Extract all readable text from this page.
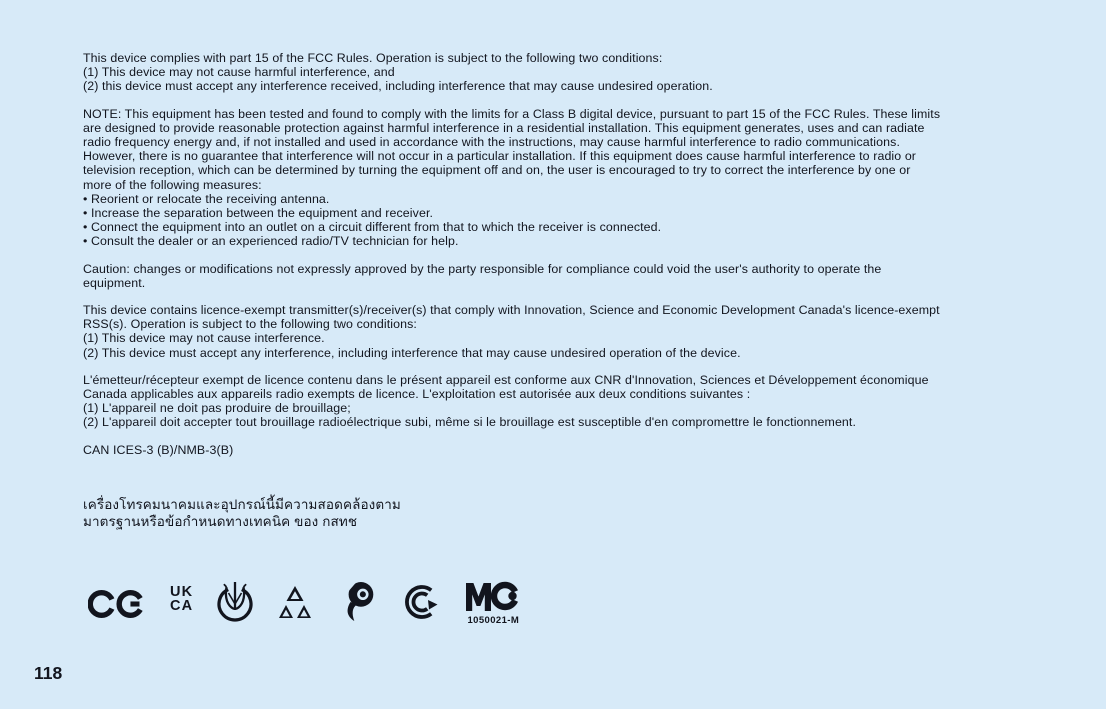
This device complies with part 15 of the FCC Rules. Operation is subject to the following two conditions:
(1) This device may not cause harmful interference, and
(2) this device must accept any interference received, including interference that may cause undesired operation.

NOTE: This equipment has been tested and found to comply with the limits for a Class B digital device, pursuant to part 15 of the FCC Rules. These limits
are designed to provide reasonable protection against harmful interference in a residential installation. This equipment generates, uses and can radiate
radio frequency energy and, if not installed and used in accordance with the instructions, may cause harmful interference to radio communications.
However, there is no guarantee that interference will not occur in a particular installation. If this equipment does cause harmful interference to radio or
television reception, which can be determined by turning the equipment off and on, the user is encouraged to try to correct the interference by one or
more of the following measures:
• Reorient or relocate the receiving antenna.
• Increase the separation between the equipment and receiver.
• Connect the equipment into an outlet on a circuit different from that to which the receiver is connected.
• Consult the dealer or an experienced radio/TV technician for help.

Caution: changes or modifications not expressly approved by the party responsible for compliance could void the user's authority to operate the
equipment.

This device contains licence-exempt transmitter(s)/receiver(s) that comply with Innovation, Science and Economic Development Canada's licence-exempt
RSS(s). Operation is subject to the following two conditions:
(1) This device may not cause interference.
(2) This device must accept any interference, including interference that may cause undesired operation of the device.

L'émetteur/récepteur exempt de licence contenu dans le présent appareil est conforme aux CNR d'Innovation, Sciences et Développement économique
Canada applicables aux appareils radio exempts de licence. L'exploitation est autorisée aux deux conditions suivantes :
(1) L'appareil ne doit pas produire de brouillage;
(2) L'appareil doit accepter tout brouillage radioélectrique subi, même si le brouillage est susceptible d'en compromettre le fonctionnement.

CAN ICES-3 (B)/NMB-3(B)

เครื่องโทรคมนาคมและอุปกรณ์นี้มีความสอดคล้องตาม
มาตรฐานหรือข้อกำหนดทางเทคนิค ของ กสทช

UK
CA
1050021-M
118
